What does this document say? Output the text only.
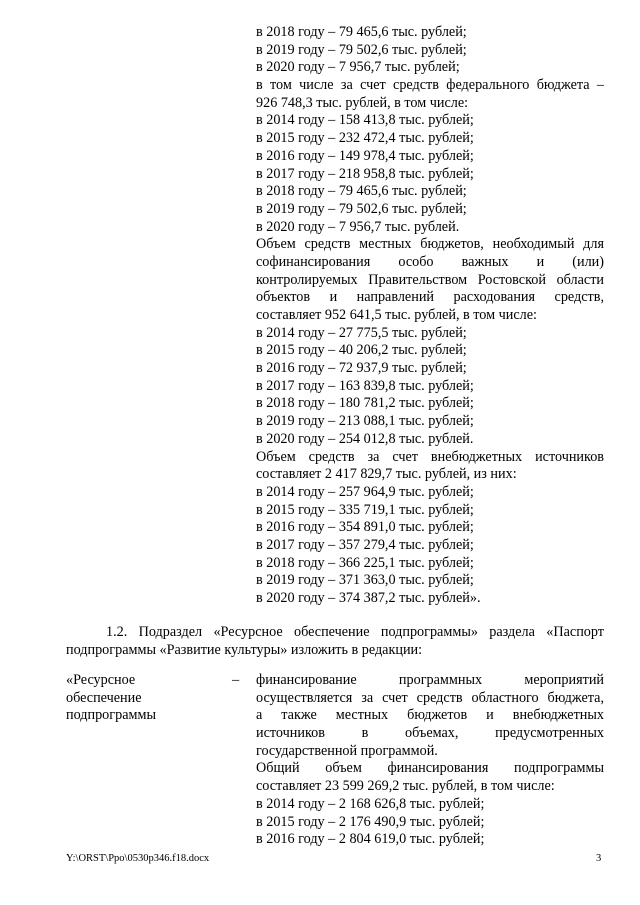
в 2018 году – 79 465,6 тыс. рублей;
в 2019 году – 79 502,6 тыс. рублей;
в 2020 году – 7 956,7 тыс. рублей;
в том числе за счет средств федерального бюджета –
926 748,3 тыс. рублей, в том числе:
в 2014 году – 158 413,8 тыс. рублей;
в 2015 году – 232 472,4 тыс. рублей;
в 2016 году – 149 978,4 тыс. рублей;
в 2017 году – 218 958,8 тыс. рублей;
в 2018 году – 79 465,6 тыс. рублей;
в 2019 году – 79 502,6 тыс. рублей;
в 2020 году – 7 956,7 тыс. рублей.
Объем средств местных бюджетов, необходимый для
софинансирования особо важных и (или)
контролируемых Правительством Ростовской области
объектов и направлений расходования средств,
составляет 952 641,5 тыс. рублей, в том числе:
в 2014 году – 27 775,5 тыс. рублей;
в 2015 году – 40 206,2 тыс. рублей;
в 2016 году – 72 937,9 тыс. рублей;
в 2017 году – 163 839,8 тыс. рублей;
в 2018 году – 180 781,2 тыс. рублей;
в 2019 году – 213 088,1 тыс. рублей;
в 2020 году – 254 012,8 тыс. рублей.
Объем средств за счет внебюджетных источников
составляет 2 417 829,7 тыс. рублей, из них:
в 2014 году – 257 964,9 тыс. рублей;
в 2015 году – 335 719,1 тыс. рублей;
в 2016 году – 354 891,0 тыс. рублей;
в 2017 году – 357 279,4 тыс. рублей;
в 2018 году – 366 225,1 тыс. рублей;
в 2019 году – 371 363,0 тыс. рублей;
в 2020 году – 374 387,2 тыс. рублей».
1.2. Подраздел «Ресурсное обеспечение подпрограммы» раздела «Паспорт
подпрограммы «Развитие культуры» изложить в редакции:
«Ресурсное
обеспечение
подпрограммы
– финансирование программных мероприятий
осуществляется за счет средств областного бюджета,
а также местных бюджетов и внебюджетных
источников в объемах, предусмотренных
государственной программой.
Общий объем финансирования подпрограммы
составляет 23 599 269,2 тыс. рублей, в том числе:
в 2014 году – 2 168 626,8 тыс. рублей;
в 2015 году – 2 176 490,9 тыс. рублей;
в 2016 году – 2 804 619,0 тыс. рублей;
Y:\ORST\Ppo\0530p346.f18.docx	3
